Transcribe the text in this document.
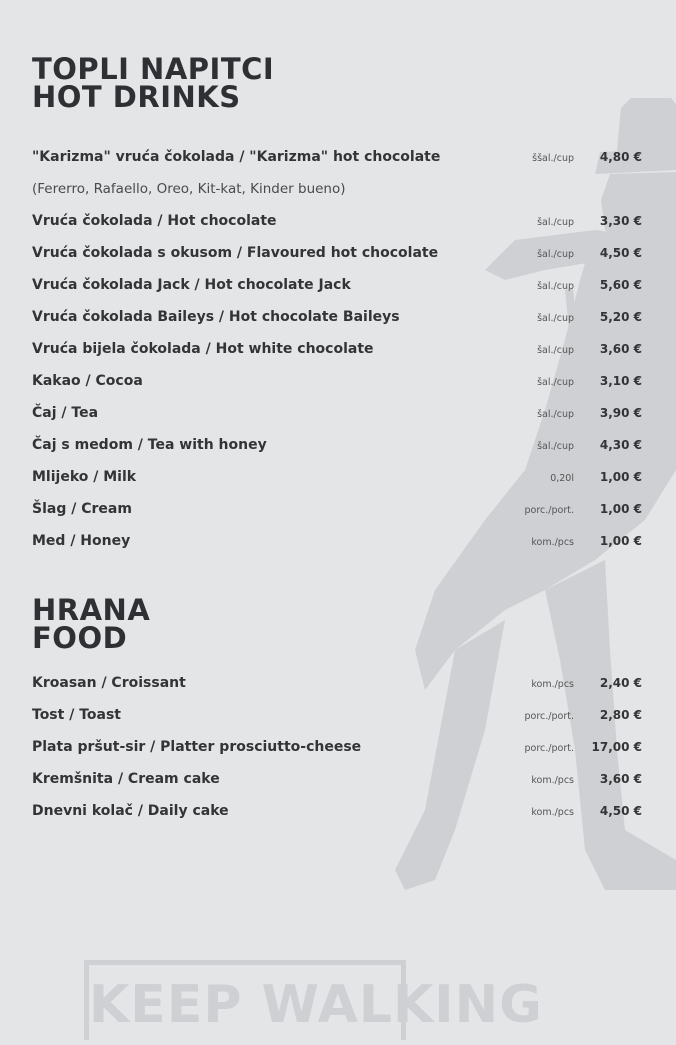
KEEP WALKING
TOPLI NAPITCI
HOT DRINKS
"Karizma" vruća čokolada / "Karizma" hot chocolate	ššal./cup 4,80 €
(Fererro, Rafaello, Oreo, Kit-kat, Kinder bueno)
Vruća čokolada / Hot chocolate	šal./cup 3,30 €
Vruća čokolada s okusom / Flavoured hot chocolate	šal./cup 4,50 €
Vruća čokolada Jack / Hot chocolate Jack	šal./cup 5,60 €
Vruća čokolada Baileys / Hot chocolate Baileys	šal./cup 5,20 €
Vruća bijela čokolada / Hot white chocolate	šal./cup 3,60 €
Kakao / Cocoa	šal./cup 3,10 €
Čaj / Tea	šal./cup 3,90 €
Čaj s medom / Tea with honey	šal./cup 4,30 €
Mlijeko / Milk	0,20l 1,00 €
Šlag / Cream	porc./port. 1,00 €
Med / Honey	kom./pcs 1,00 €
HRANA
FOOD
Kroasan / Croissant	kom./pcs 2,40 €
Tost / Toast	porc./port. 2,80 €
Plata pršut-sir / Platter prosciutto-cheese	porc./port. 17,00 €
Kremšnita / Cream cake	kom./pcs 3,60 €
Dnevni kolač / Daily cake	kom./pcs 4,50 €
